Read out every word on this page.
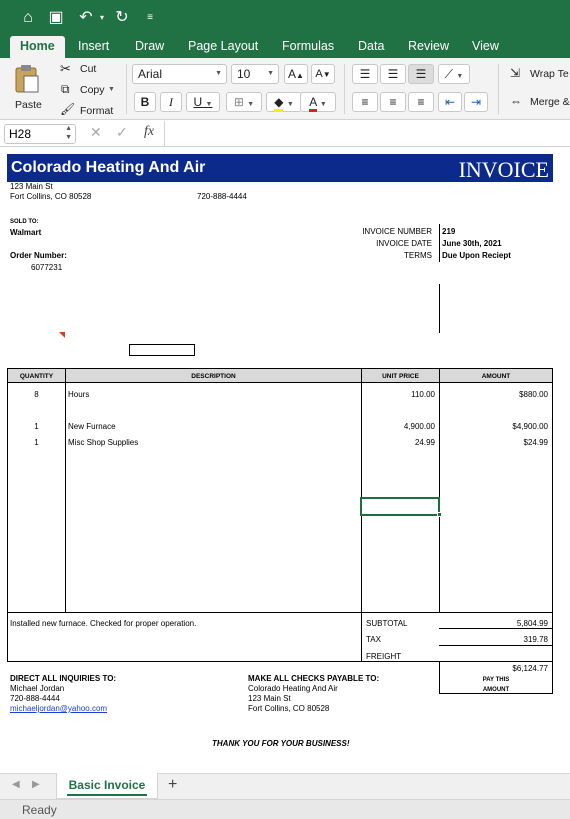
⌂ ▣ ↶ ▾ ↻	≡
Home	Insert	Draw	Page Layout	Formulas	Data	Review	View
Paste
✂ Cut
⧉ Copy ▼
🖌 Format
Arial	▼	10 ▼	A▲	A▼
B	I	U ▼	⊞ ▼	◆ ▼	A ▼
☰	☰	☰	⟋ ▼
≡	≡	≡	⇤	⇥
⇲ Wrap Te
⇔ Merge &
H28	▲
▼ ✕ ✓ fx
Colorado Heating And Air	INVOICE
123 Main St
Fort Collins, CO 80528	720-888-4444
SOLD TO:
Walmart
Order Number:
6077231
INVOICE NUMBER 219
INVOICE DATE June 30th, 2021
TERMS Due Upon Reciept
QUANTITY	DESCRIPTION	UNIT PRICE	AMOUNT
8	Hours	110.00	$880.00
1	New Furnace	4,900.00	$4,900.00
1	Misc Shop Supplies	24.99	$24.99
Installed new furnace. Checked for proper operation.	SUBTOTAL	5,804.99
TAX	319.78
FREIGHT
$6,124.77
PAY THIS
AMOUNT
DIRECT ALL INQUIRIES TO:
Michael Jordan
720-888-4444
michaeljordan@yahoo.com
MAKE ALL CHECKS PAYABLE TO:
Colorado Heating And Air
123 Main St
Fort Collins, CO 80528
THANK YOU FOR YOUR BUSINESS!
◀ ▶	Basic Invoice	+
Ready
